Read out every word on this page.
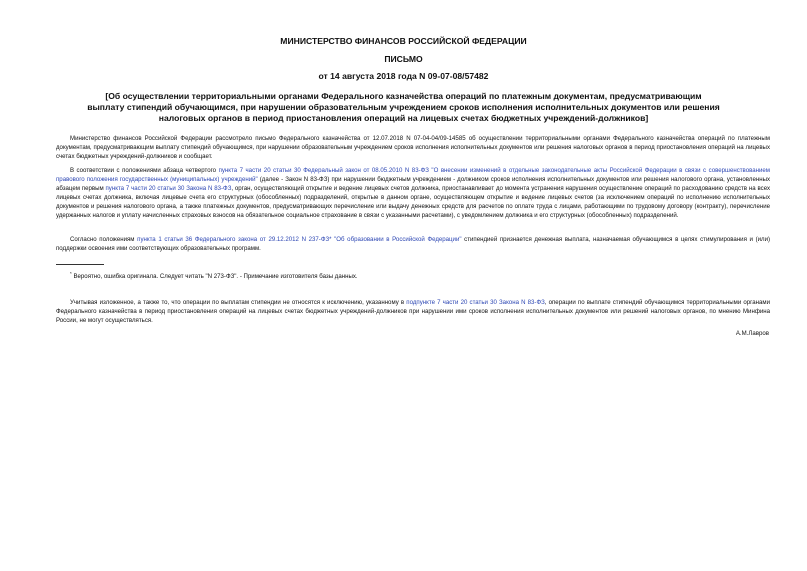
МИНИСТЕРСТВО ФИНАНСОВ РОССИЙСКОЙ ФЕДЕРАЦИИ
ПИСЬМО
от 14 августа 2018 года N 09-07-08/57482
[Об осуществлении территориальными органами Федерального казначейства операций по платежным документам, предусматривающим выплату стипендий обучающимся, при нарушении образовательным учреждением сроков исполнения исполнительных документов или решения налоговых органов в период приостановления операций на лицевых счетах бюджетных учреждений-должников]
Министерство финансов Российской Федерации рассмотрело письмо Федерального казначейства от 12.07.2018 N 07-04-04/09-14585 об осуществлении территориальными органами Федерального казначейства операций по платежным документам, предусматривающим выплату стипендий обучающимся, при нарушении образовательным учреждением сроков исполнения исполнительных документов или решения налоговых органов в период приостановления операций на лицевых счетах бюджетных учреждений-должников и сообщает.
В соответствии с положениями абзаца четвертого пункта 7 части 20 статьи 30 Федеральный закон от 08.05.2010 N 83-ФЗ "О внесении изменений в отдельные законодательные акты Российской Федерации в связи с совершенствованием правового положения государственных (муниципальных) учреждений" (далее - Закон N 83-ФЗ) при нарушении бюджетным учреждением - должником сроков исполнения исполнительных документов или решения налогового органа, установленных абзацем первым пункта 7 части 20 статьи 30 Закона N 83-ФЗ, орган, осуществляющий открытие и ведение лицевых счетов должника, приостанавливает до момента устранения нарушения осуществление операций по расходованию средств на всех лицевых счетах должника, включая лицевые счета его структурных (обособленных) подразделений, открытые в данном органе, осуществляющем открытие и ведение лицевых счетов (за исключением операций по исполнению исполнительных документов и решения налогового органа, а также платежных документов, предусматривающих перечисление или выдачу денежных средств для расчетов по оплате труда с лицами, работающими по трудовому договору (контракту), перечисление удержанных налогов и уплату начисленных страховых взносов на обязательное социальное страхование в связи с указанными расчетами), с уведомлением должника и его структурных (обособленных) подразделений.
Согласно положениям пункта 1 статьи 36 Федерального закона от 29.12.2012 N 237-ФЗ* "Об образовании в Российской Федерации" стипендией признается денежная выплата, назначаемая обучающимся в целях стимулирования и (или) поддержки освоения ими соответствующих образовательных программ.
* Вероятно, ошибка оригинала. Следует читать "N 273-ФЗ". - Примечание изготовителя базы данных.
Учитывая изложенное, а также то, что операции по выплатам стипендии не относятся к исключению, указанному в подпункте 7 части 20 статьи 30 Закона N 83-ФЗ, операции по выплате стипендий обучающимся территориальными органами Федерального казначейства в период приостановления операций на лицевых счетах бюджетных учреждений-должников при нарушении ими сроков исполнения исполнительных документов или решений налоговых органов, по мнению Минфина России, не могут осуществляться.
А.М.Лавров
